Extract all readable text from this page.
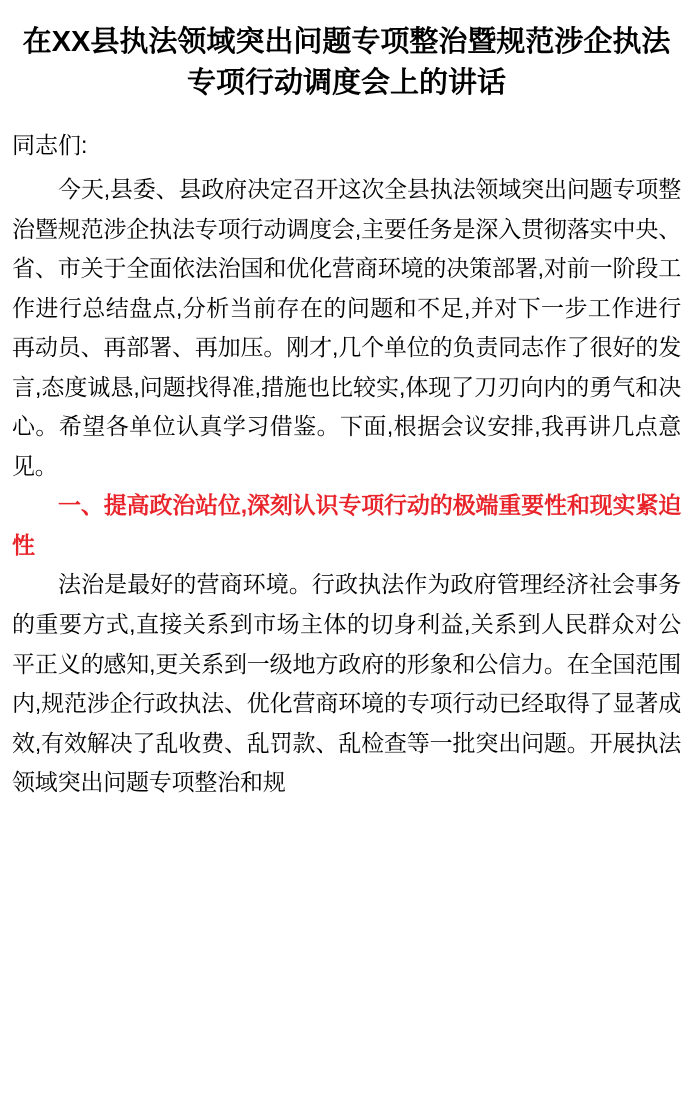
在XX县执法领域突出问题专项整治暨规范涉企执法专项行动调度会上的讲话
同志们:

今天,县委、县政府决定召开这次全县执法领域突出问题专项整治暨规范涉企执法专项行动调度会,主要任务是深入贯彻落实中央、省、市关于全面依法治国和优化营商环境的决策部署,对前一阶段工作进行总结盘点,分析当前存在的问题和不足,并对下一步工作进行再动员、再部署、再加压。刚才,几个单位的负责同志作了很好的发言,态度诚恳,问题找得准,措施也比较实,体现了刀刃向内的勇气和决心。希望各单位认真学习借鉴。下面,根据会议安排,我再讲几点意见。

一、提高政治站位,深刻认识专项行动的极端重要性和现实紧迫性

法治是最好的营商环境。行政执法作为政府管理经济社会事务的重要方式,直接关系到市场主体的切身利益,关系到人民群众对公平正义的感知,更关系到一级地方政府的形象和公信力。在全国范围内,规范涉企行政执法、优化营商环境的专项行动已经取得了显著成效,有效解决了乱收费、乱罚款、乱检查等一批突出问题。开展执法领域突出问题专项整治和规
